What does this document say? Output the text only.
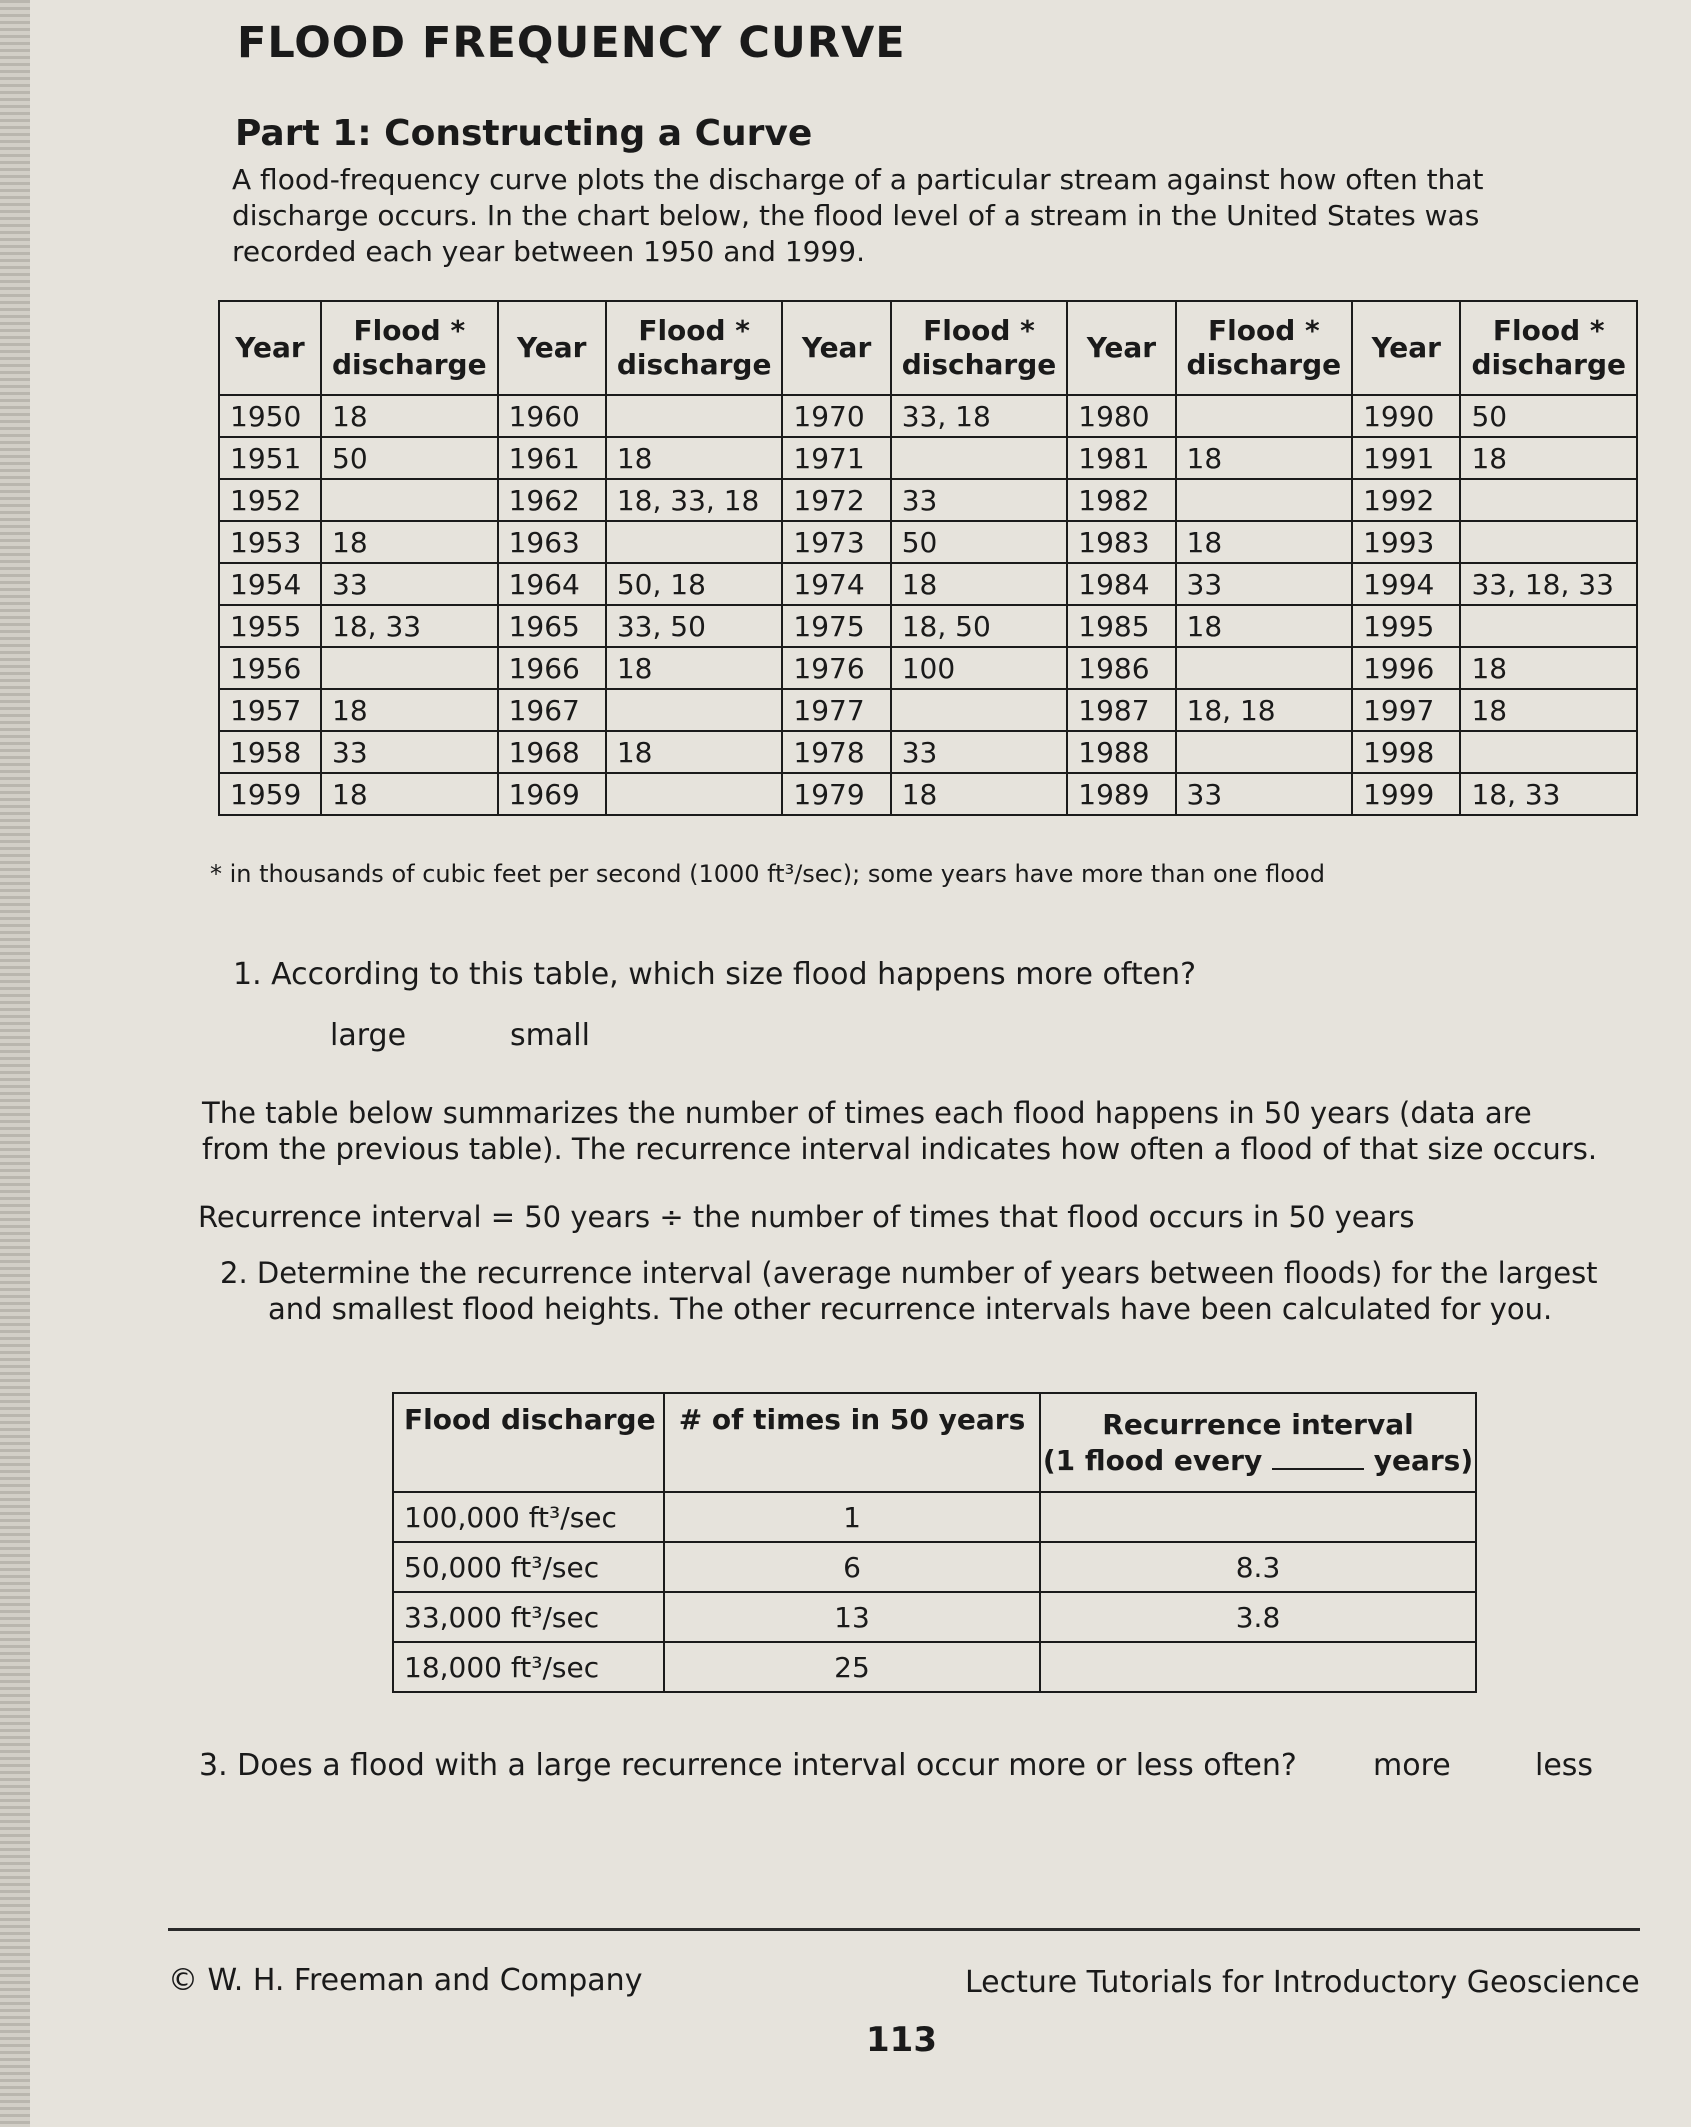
FLOOD FREQUENCY CURVE
Part 1: Constructing a Curve
A flood-frequency curve plots the discharge of a particular stream against how often that discharge occurs. In the chart below, the flood level of a stream in the United States was recorded each year between 1950 and 1999.
Year	Flood * discharge	Year	Flood * discharge	Year	Flood * discharge	Year	Flood * discharge	Year	Flood * discharge
1950	18	1960		1970	33, 18	1980		1990	50
1951	50	1961	18	1971		1981	18	1991	18
1952		1962	18, 33, 18	1972	33	1982		1992	
1953	18	1963		1973	50	1983	18	1993	
1954	33	1964	50, 18	1974	18	1984	33	1994	33, 18, 33
1955	18, 33	1965	33, 50	1975	18, 50	1985	18	1995	
1956		1966	18	1976	100	1986		1996	18
1957	18	1967		1977		1987	18, 18	1997	18
1958	33	1968	18	1978	33	1988		1998	
1959	18	1969		1979	18	1989	33	1999	18, 33
* in thousands of cubic feet per second (1000 ft³/sec); some years have more than one flood
1. According to this table, which size flood happens more often?
large	small
The table below summarizes the number of times each flood happens in 50 years (data are from the previous table). The recurrence interval indicates how often a flood of that size occurs.
Recurrence interval = 50 years ÷ the number of times that flood occurs in 50 years
2. Determine the recurrence interval (average number of years between floods) for the largest and smallest flood heights. The other recurrence intervals have been calculated for you.
Flood discharge	# of times in 50 years	Recurrence interval
(1 flood every years)

100,000 ft³/sec	1	
50,000 ft³/sec	6	8.3
33,000 ft³/sec	13	3.8
18,000 ft³/sec	25	
3. Does a flood with a large recurrence interval occur more or less often?	more	less
© W. H. Freeman and Company	Lecture Tutorials for Introductory Geoscience
113
